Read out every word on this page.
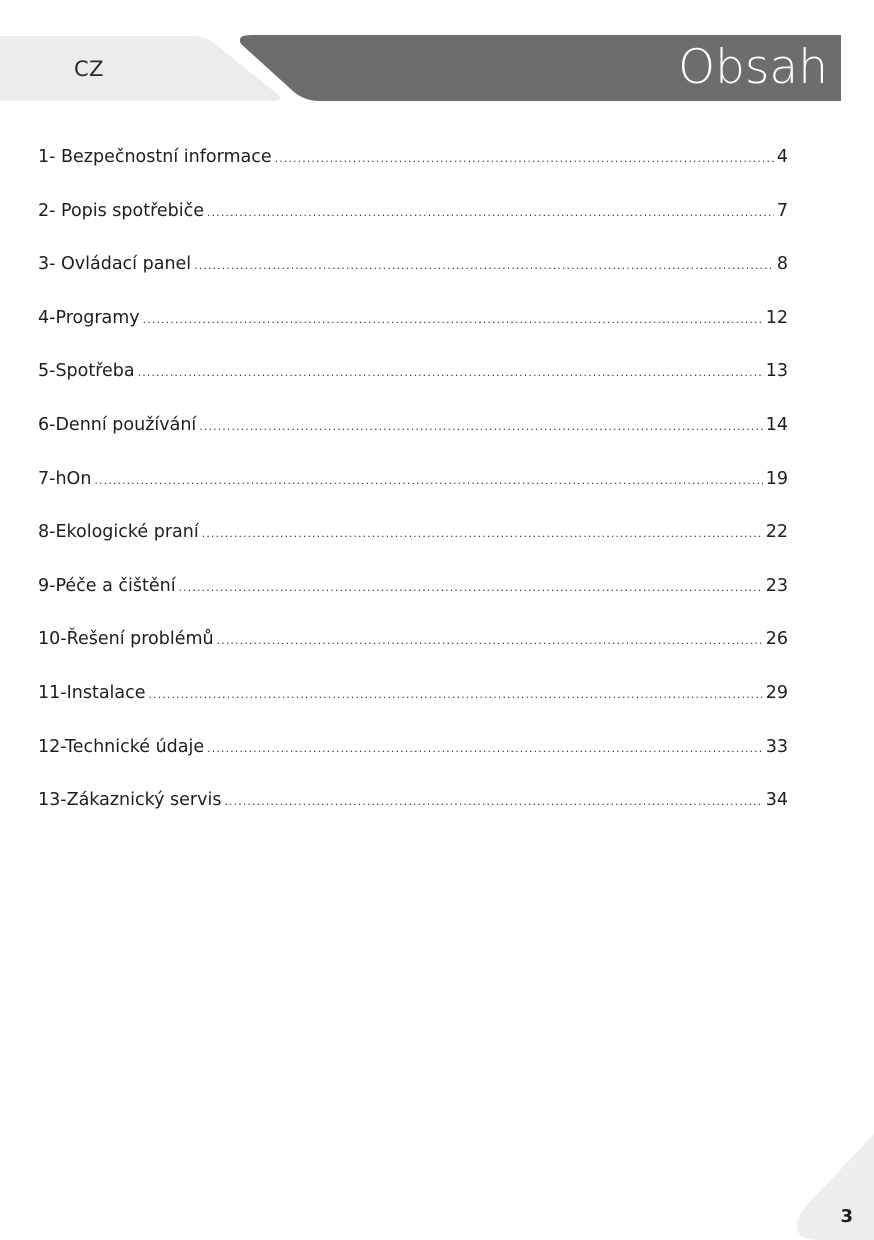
CZ	Obsah
1- Bezpečnostní informace .....	4
2- Popis spotřebiče .....	7
3- Ovládací panel .....	8
4-Programy .....	12
5-Spotřeba .....	13
6-Denní používání .....	14
7-hOn .....	19
8-Ekologické praní .....	22
9-Péče a čištění .....	23
10-Řešení problémů .....	26
11-Instalace .....	29
12-Technické údaje .....	33
13-Zákaznický servis .....	34
3
